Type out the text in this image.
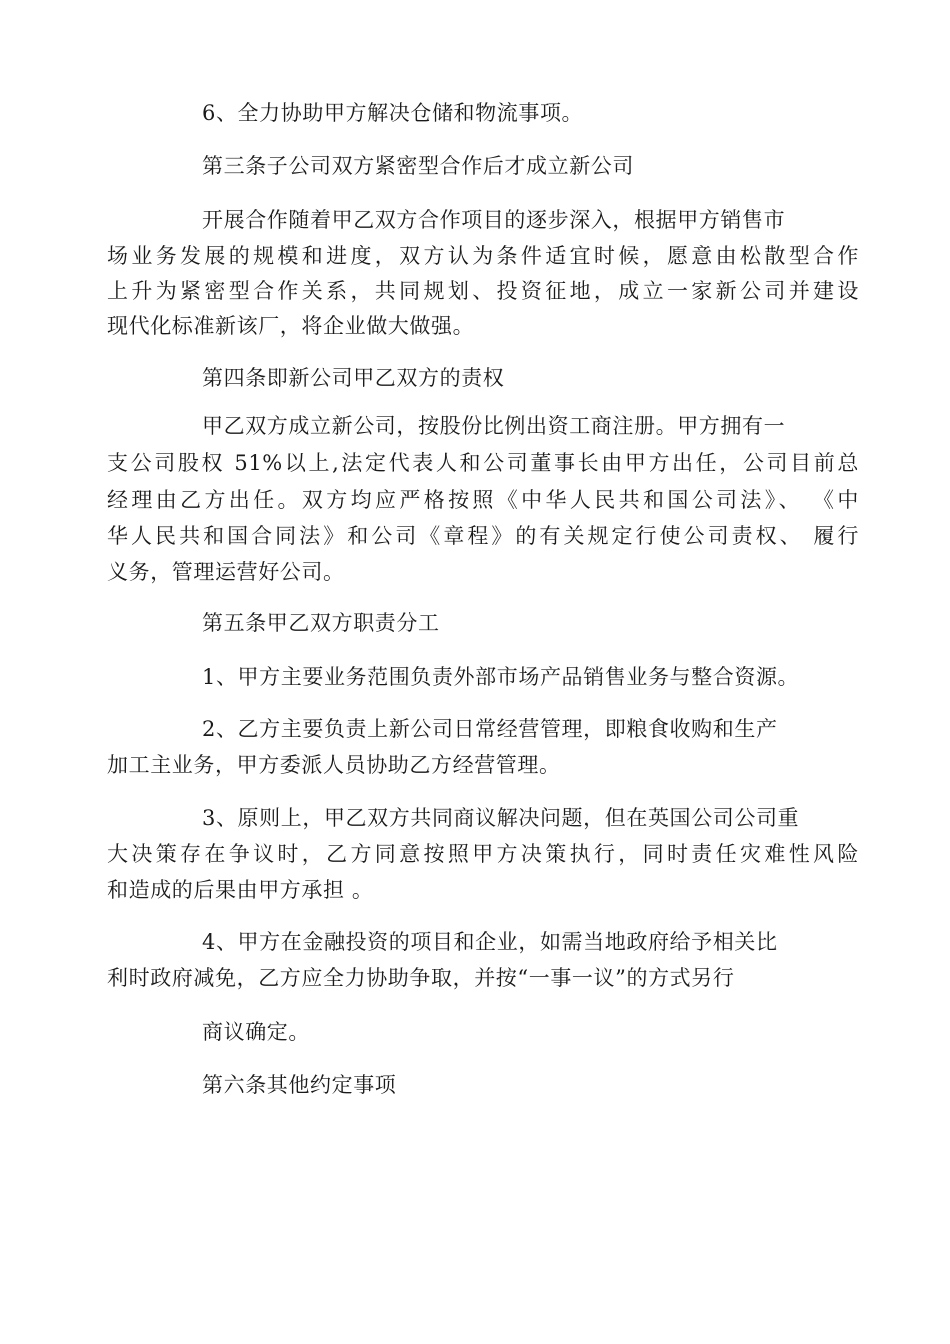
6、全力协助甲方解决仓储和物流事项。
第三条子公司双方紧密型合作后才成立新公司
开展合作随着甲乙双方合作项目的逐步深入，根据甲方销售市
场业务发展的规模和进度，双方认为条件适宜时候，愿意由松散型合作
上升为紧密型合作关系，共同规划、投资征地，成立一家新公司并建设
现代化标准新该厂，将企业做大做强。
第四条即新公司甲乙双方的责权
甲乙双方成立新公司，按股份比例出资工商注册。甲方拥有一
支公司股权 51%以上,法定代表人和公司董事长由甲方出任，公司目前总
经理由乙方出任。双方均应严格按照《中华人民共和国公司法》、 《中
华人民共和国合同法》和公司《章程》的有关规定行使公司责权、 履行
义务，管理运营好公司。
第五条甲乙双方职责分工
1、甲方主要业务范围负责外部市场产品销售业务与整合资源。
2、乙方主要负责上新公司日常经营管理，即粮食收购和生产
加工主业务，甲方委派人员协助乙方经营管理。
3、原则上，甲乙双方共同商议解决问题，但在英国公司公司重
大决策存在争议时，乙方同意按照甲方决策执行，同时责任灾难性风险
和造成的后果由甲方承担 。
4、甲方在金融投资的项目和企业，如需当地政府给予相关比
利时政府减免，乙方应全力协助争取，并按“一事一议”的方式另行
商议确定。
第六条其他约定事项
